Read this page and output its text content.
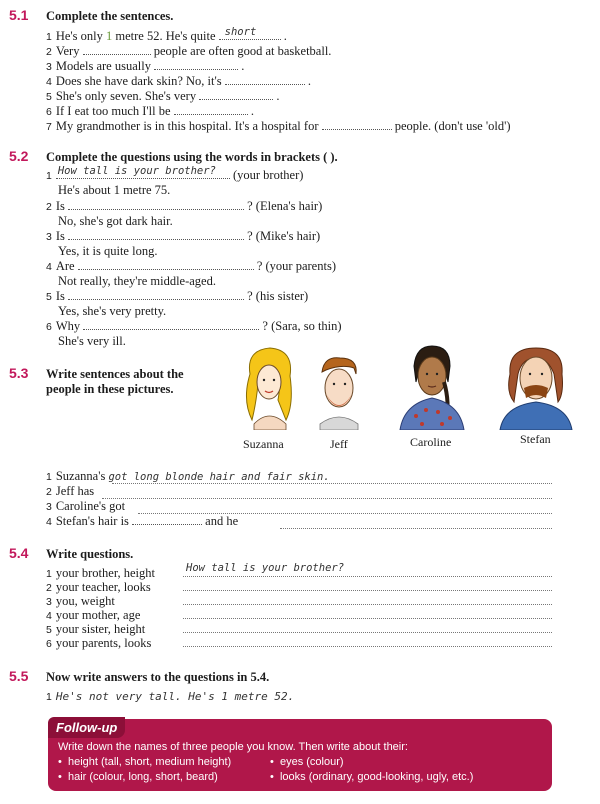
5.1 Complete the sentences.
1 He's only 1 metre 52. He's quite short .
2 Very	people are often good at basketball.
3 Models are usually	.
4 Does she have dark skin? No, it's	.
5 She's only seven. She's very	.
6 If I eat too much I'll be	.
7 My grandmother is in this hospital. It's a hospital for	people. (don't use 'old')
5.2 Complete the questions using the words in brackets ( ).
1 How tall is your brother? (your brother)
He's about 1 metre 75.
2 Is	? (Elena's hair)
No, she's got dark hair.
3 Is	? (Mike's hair)
Yes, it is quite long.
4 Are	? (your parents)
Not really, they're middle-aged.
5 Is	? (his sister)
Yes, she's very pretty.
6 Why	? (Sara, so thin)
She's very ill.
5.3 Write sentences about the
people in these pictures.
Suzanna	Jeff	Caroline	Stefan
1 Suzanna's got long blonde hair and fair skin.
2 Jeff has
3 Caroline's got
4 Stefan's hair is	and he
5.4 Write questions.
1 your brother, height	How tall is your brother?
2 your teacher, looks
3 you, weight
4 your mother, age
5 your sister, height
6 your parents, looks
5.5 Now write answers to the questions in 5.4.
1 He's not very tall. He's 1 metre 52.
Follow-up
Write down the names of three people you know. Then write about their:
•  height (tall, short, medium height)
•  hair (colour, long, short, beard)
•  eyes (colour)
•  looks (ordinary, good-looking, ugly, etc.)
